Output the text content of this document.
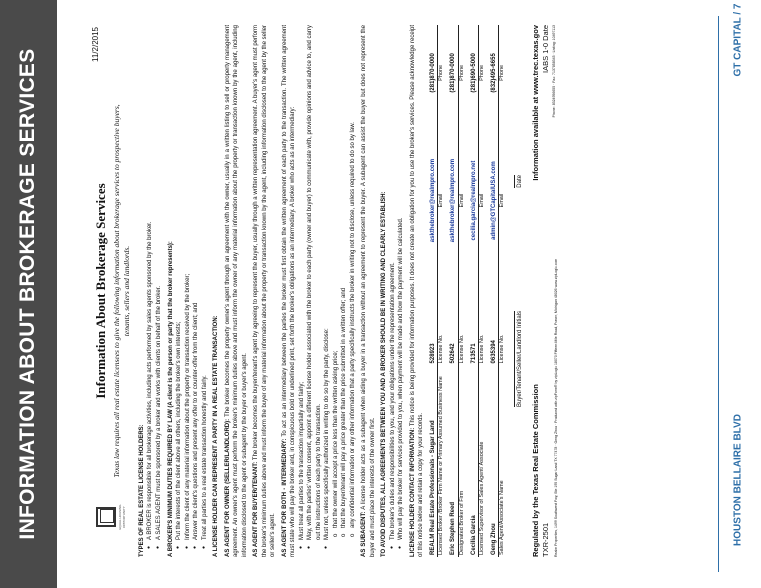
INFORMATION ABOUT BROKERAGE SERVICES	HOUSTON BELLAIRE BLVD
GT CAPITAL / 7
EQUAL HOUSING OPPORTUNITY
11/2/2015
Information About Brokerage Services Texas law requires all real estate licensees to give the following information about brokerage services to prospective buyers, tenants, sellers and landlords.
TYPES OF REAL ESTATE LICENSE HOLDERS: ● A BROKER is responsible for all brokerage activities, including acts performed by sales agents sponsored by the broker. ● A SALES AGENT must be sponsored by a broker and works with clients on behalf of the broker. A BROKER'S MINIMUM DUTIES REQUIRED BY LAW (A client is the person or party that the broker represents): ● Put the interests of the client above all others, including the broker's own interests; ● Inform the client of any material information about the property or transaction received by the broker; ● Answer the client's questions and present any offer to or counter-offer from the client; and ● Treat all parties to a real estate transaction honestly and fairly. A LICENSE HOLDER CAN REPRESENT A PARTY IN A REAL ESTATE TRANSACTION: AS AGENT FOR OWNER (SELLER/LANDLORD): The broker becomes the property owner's agent through an agreement with the owner, usually in a written listing to sell or property management agreement. An owner's agent must perform the broker's minimum duties above and must inform the owner of any material information about the property or transaction known by the agent, including information disclosed to the agent or subagent by the buyer or buyer's agent. AS AGENT FOR BUYER/TENANT: The broker becomes the buyer/tenant's agent by agreeing to represent the buyer, usually through a written representation agreement. A buyer's agent must perform the broker's minimum duties above and must inform the buyer of any material information about the property or transaction known by the agent, including information disclosed to the agent by the seller or seller's agent. AS AGENT FOR BOTH - INTERMEDIARY: To act as an intermediary between the parties the broker must first obtain the written agreement of each party to the transaction. The written agreement must state who will pay the broker and, in conspicuous bold or underlined print, set forth the broker's obligations as an intermediary. A broker who acts as an intermediary: ● Must treat all parties to the transaction impartially and fairly; ● May, with the parties' written consent, appoint a different license holder associated with the broker to each party (owner and buyer) to communicate with, provide opinions and advice to, and carry out the instructions of each party to the transaction. ● Must not, unless specifically authorized in writing to do so by the party, disclose: o that the owner will accept a price less than the written asking price; o that the buyer/tenant will pay a price greater than the price submitted in a written offer; and o any confidential information or any other information that a party specifically instructs the broker in writing not to disclose, unless required to do so by law.
AS SUBAGENT: A license holder acts as a subagent when aiding a buyer in a transaction without an agreement to represent the buyer. A subagent can assist the buyer but does not represent the buyer and must place the interests of the owner first. TO AVOID DISPUTES, ALL AGREEMENTS BETWEEN YOU AND A BROKER SHOULD BE IN WRITING AND CLEARLY ESTABLISH: ● The broker's duties and responsibilities to you, and your obligations under the representation agreement. ● Who will pay the broker for services provided to you, when payment will be made and how the payment will be calculated. LICENSE HOLDER CONTACT INFORMATION: This notice is being provided for information purposes. It does not create an obligation for you to use the broker's services. Please acknowledge receipt of this notice below and retain a copy for your records. REALM Real Estate Professionals - Sugar Land	528923	askthebroker@realmpro.com	(281)870-0000
Licensed Broker /Broker Firm Name or Primary Assumed Business Name	License No.	Email	Phone
Eric Stephen Reed	502642	askthebroker@realmpro.com	(281)870-0000
Designated Broker of Firm	License No.	Email	Phone
Cecilia Garcia	713571	cecilia.garcia@realmpro.net	(281)690-5000
Licensed Supervisor of Sales Agent/ Associate	License No.	Email	Phone
Geng Zhou	0635394	admin@GTCapitalUSA.com	(832)495-6655
Sales Agent/Associate's Name	License No.	Email	Phone
Buyer/Tenant/Seller/Landlord Initials
Date
Regulated by the Texas Real Estate Commission TXR-2501	Realm Properties, 1499 Southwest Fwy, Ste 195 Sugar Land TX 77478 · Geng Zhou · Produced with zipForm® by zipLogix 18070 Fifteen Mile Road, Fraser, Michigan 48026 www.zipLogix.com
Information available at www.trec.texas.gov IABS 1-0 Date Phone: 8324956655 · Fax: 7137858345 · Listing: 10497113
